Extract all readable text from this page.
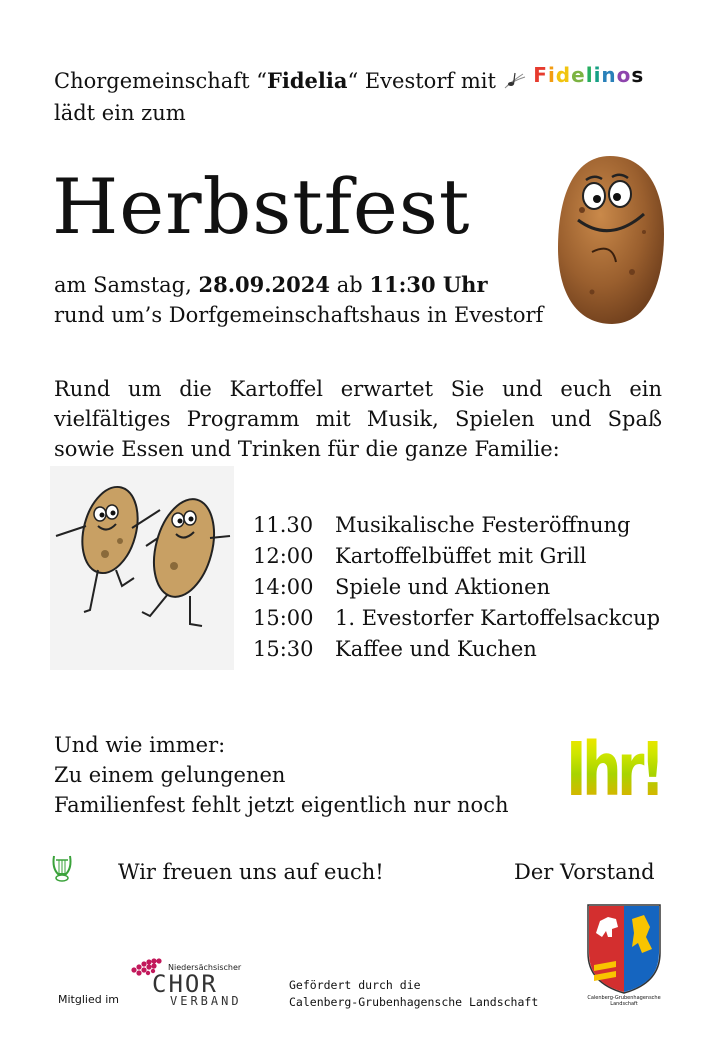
Chorgemeinschaft “Fidelia“ Evestorf mit Fidelinos
lädt ein zum
Herbstfest
am Samstag, 28.09.2024 ab 11:30 Uhr
rund um’s Dorfgemeinschaftshaus in Evestorf
Rund um die Kartoffel erwartet Sie und euch ein
vielfältiges Programm mit Musik, Spielen und Spaß
sowie Essen und Trinken für die ganze Familie:
11.30 Musikalische Festeröffnung
12:00 Kartoffelbüffet mit Grill
14:00 Spiele und Aktionen
15:00 1. Evestorfer Kartoffelsackcup
15:30 Kaffee und Kuchen
Und wie immer:
Zu einem gelungenen
Familienfest fehlt jetzt eigentlich nur noch Ihr!
Wir freuen uns auf euch!	Der Vorstand
Mitglied im
Niedersächsischer
CHOR
VERBAND
Gefördert durch die
Calenberg-Grubenhagensche Landschaft	Calenberg-Grubenhagensche Landschaft
